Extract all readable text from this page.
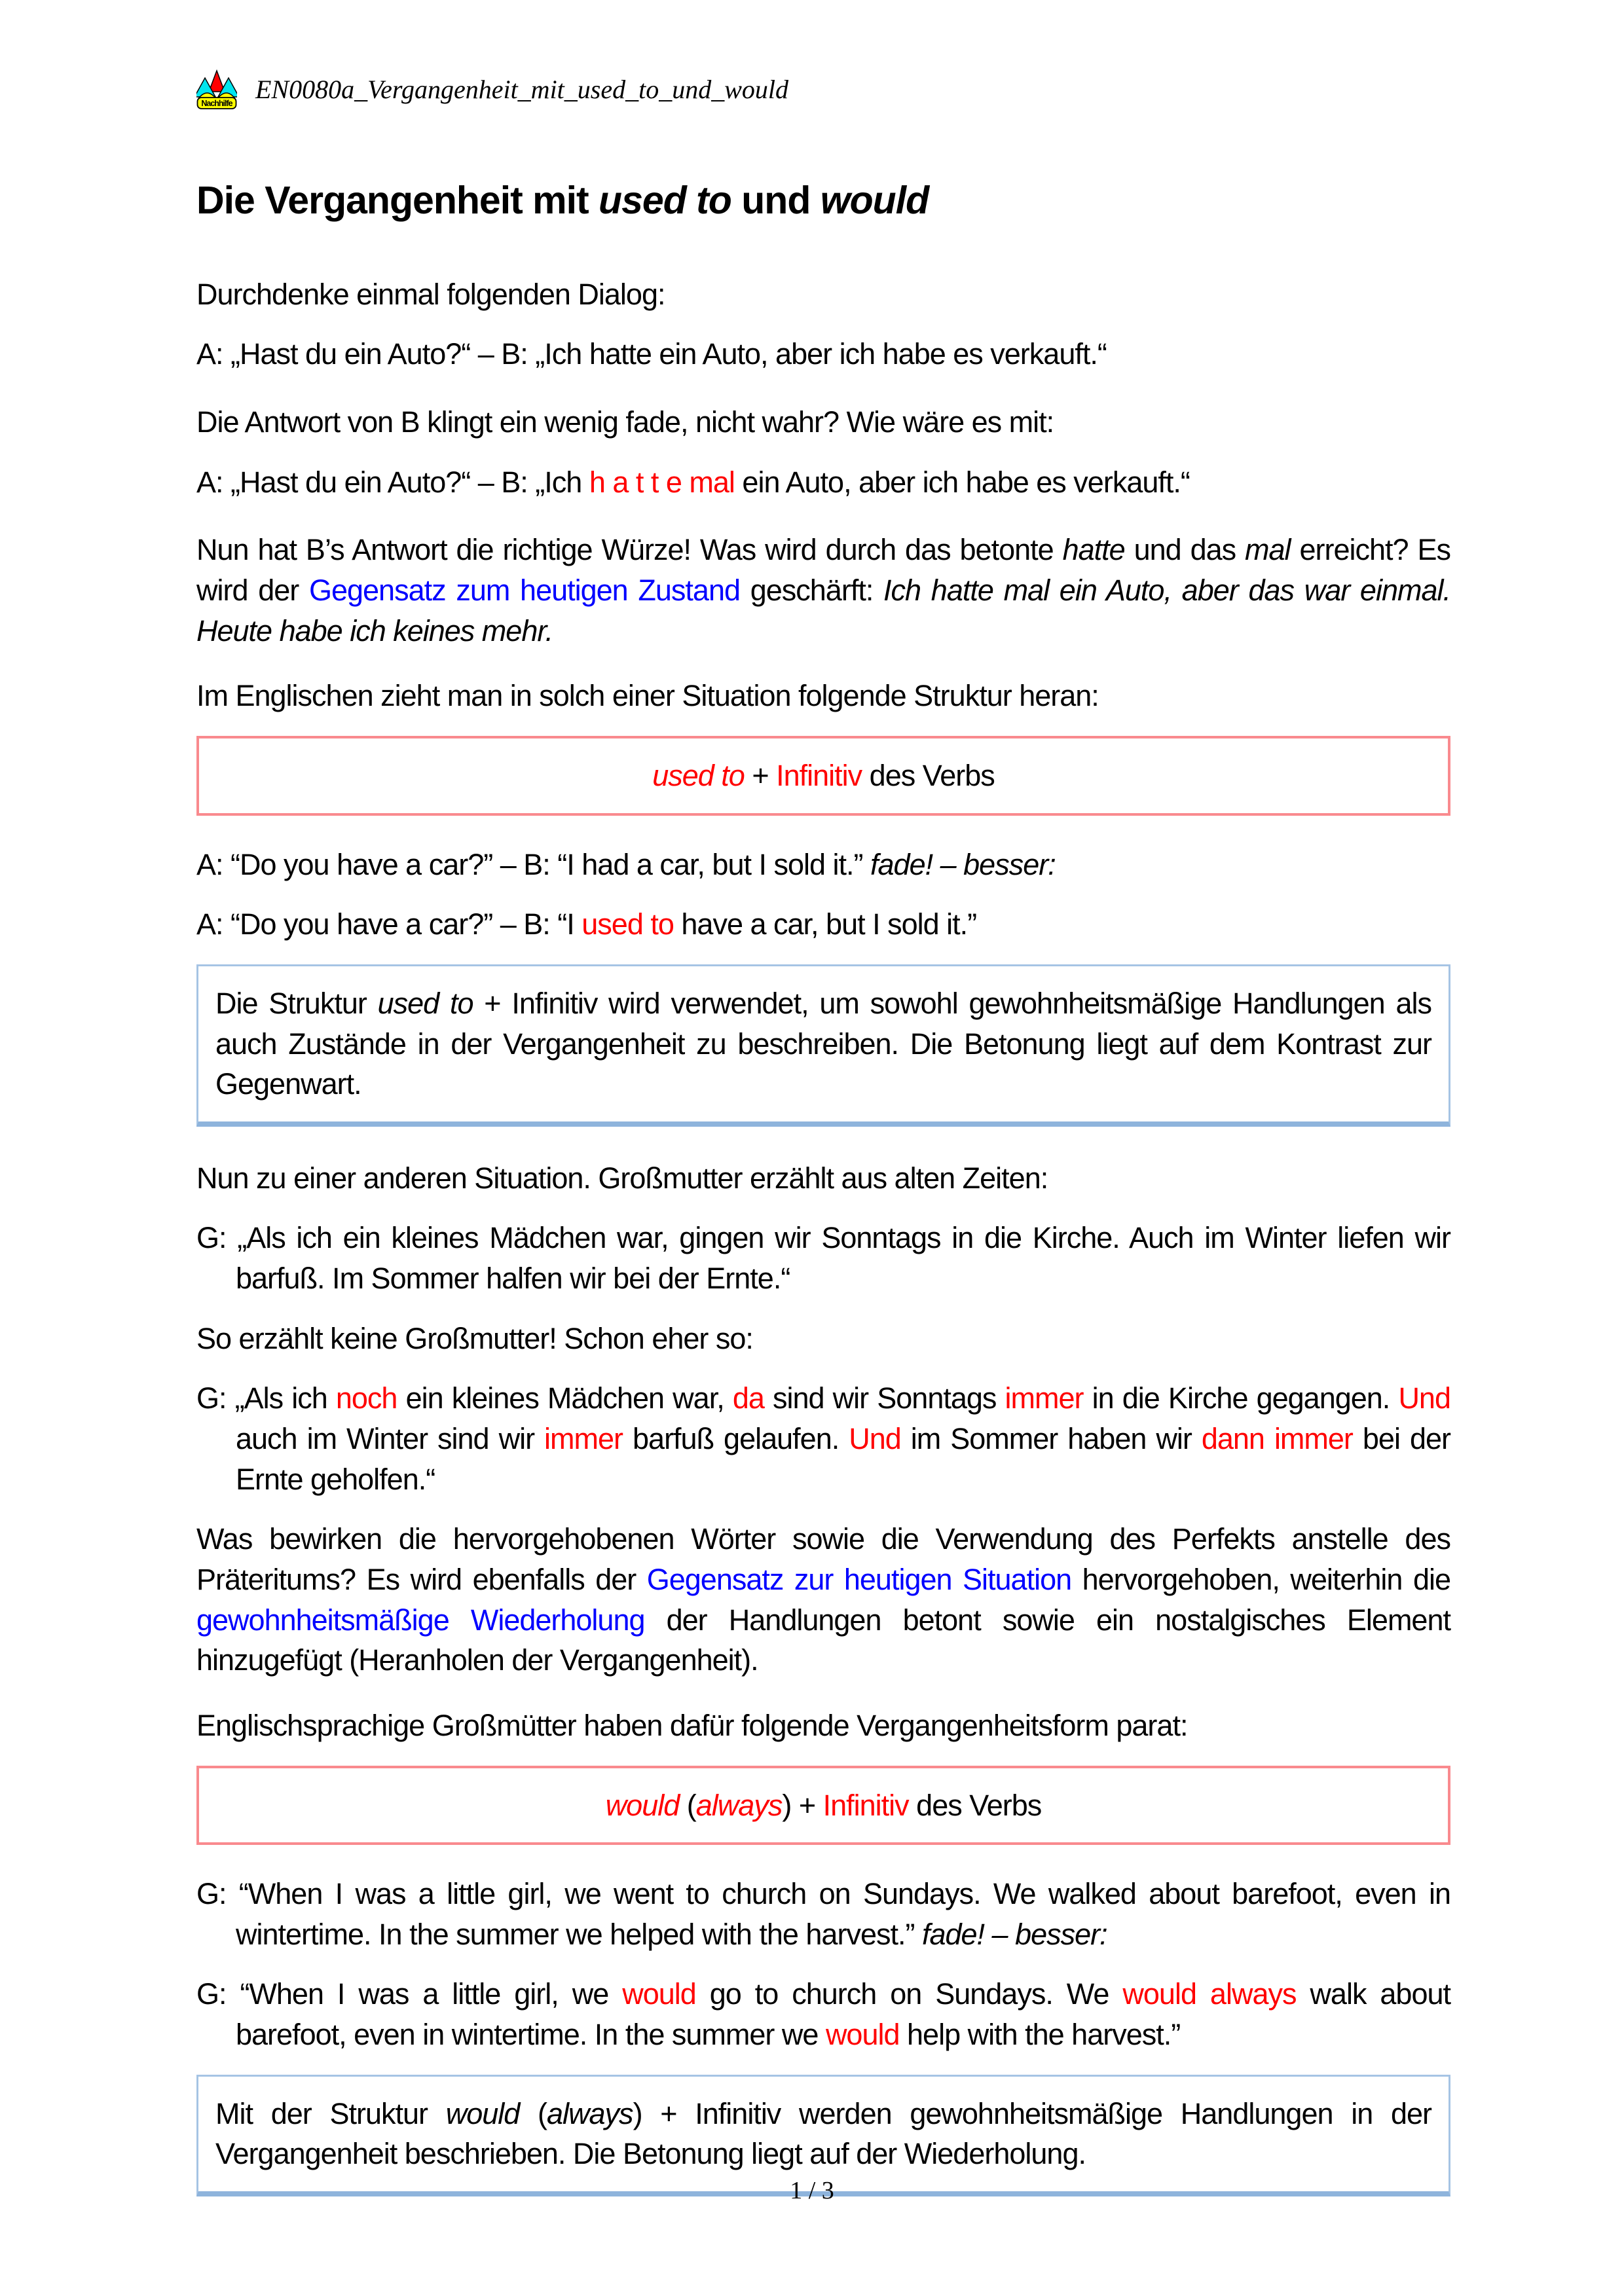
Nachhilfe EN0080a_Vergangenheit_mit_used_to_und_would
Die Vergangenheit mit used to und would

Durchdenke einmal folgenden Dialog:

A: „Hast du ein Auto?“ – B: „Ich hatte ein Auto, aber ich habe es verkauft.“

Die Antwort von B klingt ein wenig fade, nicht wahr? Wie wäre es mit:

A: „Hast du ein Auto?“ – B: „Ich h a t t e mal ein Auto, aber ich habe es verkauft.“

Nun hat B’s Antwort die richtige Würze! Was wird durch das betonte hatte und das mal erreicht? Es wird der Gegensatz zum heutigen Zustand geschärft: Ich hatte mal ein Auto, aber das war einmal. Heute habe ich keines mehr.

Im Englischen zieht man in solch einer Situation folgende Struktur heran:

used to + Infinitiv des Verbs

A: “Do you have a car?” – B: “I had a car, but I sold it.” fade! – besser:

A: “Do you have a car?” – B: “I used to have a car, but I sold it.”

Die Struktur used to + Infinitiv wird verwendet, um sowohl gewohnheitsmäßige Handlungen als auch Zustände in der Vergangenheit zu beschreiben. Die Betonung liegt auf dem Kontrast zur Gegenwart.

Nun zu einer anderen Situation. Großmutter erzählt aus alten Zeiten:

G: „Als ich ein kleines Mädchen war, gingen wir Sonntags in die Kirche. Auch im Winter liefen wir barfuß. Im Sommer halfen wir bei der Ernte.“

So erzählt keine Großmutter! Schon eher so:

G: „Als ich noch ein kleines Mädchen war, da sind wir Sonntags immer in die Kirche gegangen. Und auch im Winter sind wir immer barfuß gelaufen. Und im Sommer haben wir dann immer bei der Ernte geholfen.“

Was bewirken die hervorgehobenen Wörter sowie die Verwendung des Perfekts anstelle des Präteritums? Es wird ebenfalls der Gegensatz zur heutigen Situation hervorgehoben, weiterhin die gewohnheitsmäßige Wiederholung der Handlungen betont sowie ein nostalgisches Element hinzugefügt (Heranholen der Vergangenheit).

Englischsprachige Großmütter haben dafür folgende Vergangenheitsform parat:

would (always) + Infinitiv des Verbs

G: “When I was a little girl, we went to church on Sundays. We walked about barefoot, even in wintertime. In the summer we helped with the harvest.” fade! – besser:

G: “When I was a little girl, we would go to church on Sundays. We would always walk about barefoot, even in wintertime. In the summer we would help with the harvest.”

Mit der Struktur would (always) + Infinitiv werden gewohnheitsmäßige Handlungen in der Vergangenheit beschrieben. Die Betonung liegt auf der Wiederholung.

1 / 3
